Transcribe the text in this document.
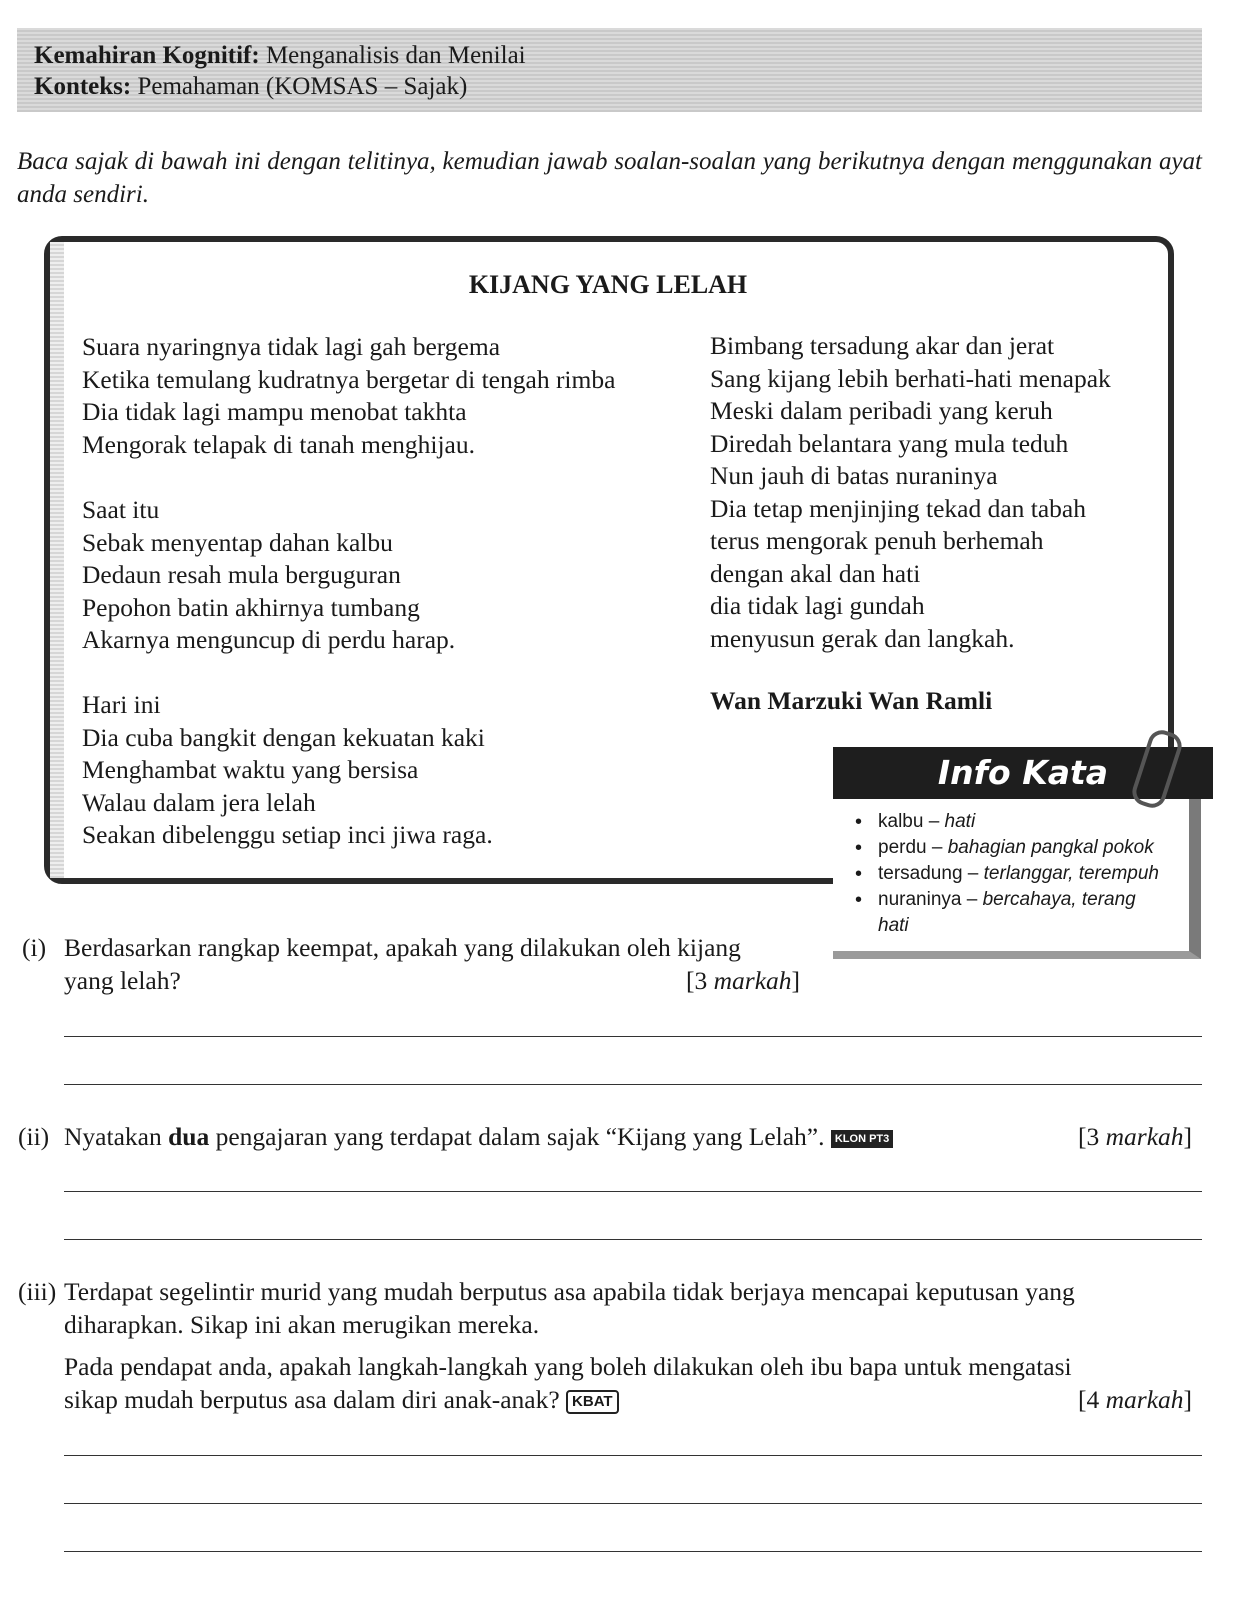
Kemahiran Kognitif: Menganalisis dan Menilai
Konteks: Pemahaman (KOMSAS – Sajak)
Baca sajak di bawah ini dengan telitinya, kemudian jawab soalan-soalan yang berikutnya dengan menggunakan ayat anda sendiri.
KIJANG YANG LELAH
Suara nyaringnya tidak lagi gah bergema
Ketika temulang kudratnya bergetar di tengah rimba
Dia tidak lagi mampu menobat takhta
Mengorak telapak di tanah menghijau.
Saat itu
Sebak menyentap dahan kalbu
Dedaun resah mula berguguran
Pepohon batin akhirnya tumbang
Akarnya menguncup di perdu harap.
Hari ini
Dia cuba bangkit dengan kekuatan kaki
Menghambat waktu yang bersisa
Walau dalam jera lelah
Seakan dibelenggu setiap inci jiwa raga.
Bimbang tersadung akar dan jerat
Sang kijang lebih berhati-hati menapak
Meski dalam peribadi yang keruh
Diredah belantara yang mula teduh
Nun jauh di batas nuraninya
Dia tetap menjinjing tekad dan tabah
terus mengorak penuh berhemah
dengan akal dan hati
dia tidak lagi gundah
menyusun gerak dan langkah.
Wan Marzuki Wan Ramli
Info Kata
• kalbu – hati
• perdu – bahagian pangkal pokok
• tersadung – terlanggar, terempuh
• nuraninya – bercahaya, terang
hati
(i) Berdasarkan rangkap keempat, apakah yang dilakukan oleh kijang
yang lelah?	[3 markah]
(ii) Nyatakan dua pengajaran yang terdapat dalam sajak “Kijang yang Lelah”. KLON PT3	[3 markah]
(iii) Terdapat segelintir murid yang mudah berputus asa apabila tidak berjaya mencapai keputusan yang
diharapkan. Sikap ini akan merugikan mereka.
Pada pendapat anda, apakah langkah-langkah yang boleh dilakukan oleh ibu bapa untuk mengatasi
sikap mudah berputus asa dalam diri anak-anak? KBAT	[4 markah]
